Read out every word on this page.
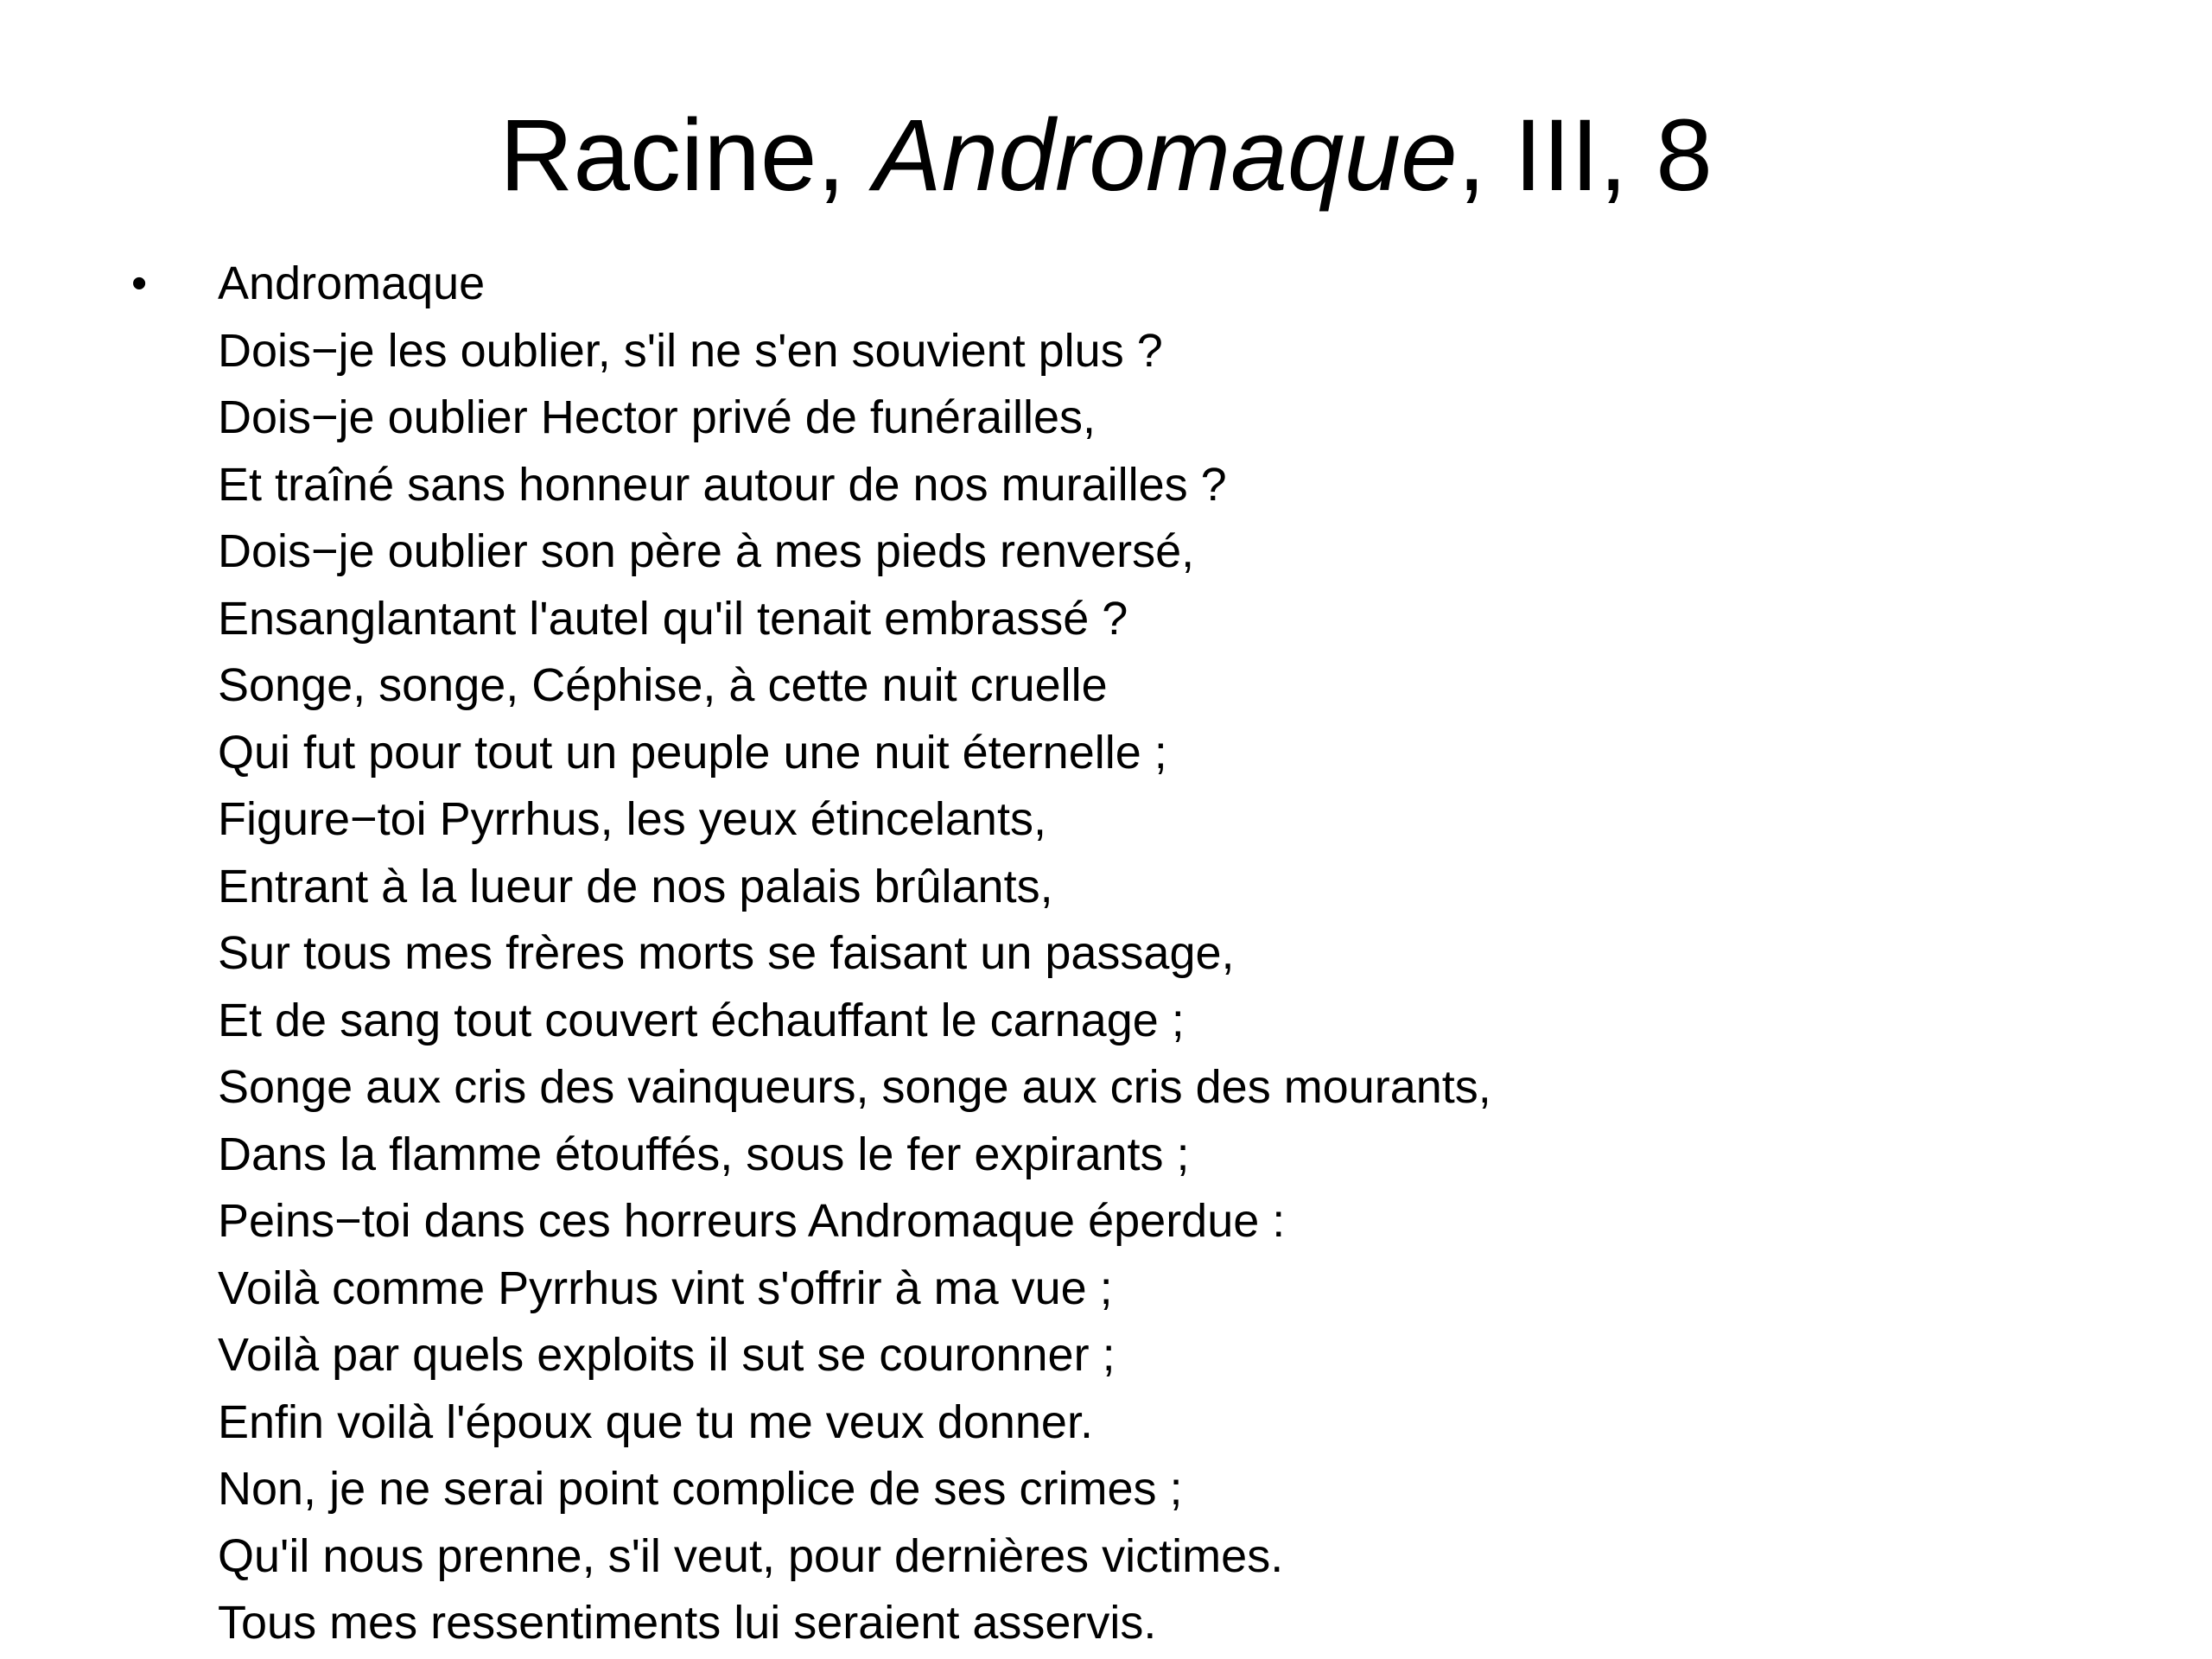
Racine, Andromaque, III, 8
• Andromaque
Dois−je les oublier, s'il ne s'en souvient plus ?
Dois−je oublier Hector privé de funérailles,
Et traîné sans honneur autour de nos murailles ?
Dois−je oublier son père à mes pieds renversé,
Ensanglantant l'autel qu'il tenait embrassé ?
Songe, songe, Céphise, à cette nuit cruelle
Qui fut pour tout un peuple une nuit éternelle ;
Figure−toi Pyrrhus, les yeux étincelants,
Entrant à la lueur de nos palais brûlants,
Sur tous mes frères morts se faisant un passage,
Et de sang tout couvert échauffant le carnage ;
Songe aux cris des vainqueurs, songe aux cris des mourants,
Dans la flamme étouffés, sous le fer expirants ;
Peins−toi dans ces horreurs Andromaque éperdue :
Voilà comme Pyrrhus vint s'offrir à ma vue ;
Voilà par quels exploits il sut se couronner ;
Enfin voilà l'époux que tu me veux donner.
Non, je ne serai point complice de ses crimes ;
Qu'il nous prenne, s'il veut, pour dernières victimes.
Tous mes ressentiments lui seraient asservis.
